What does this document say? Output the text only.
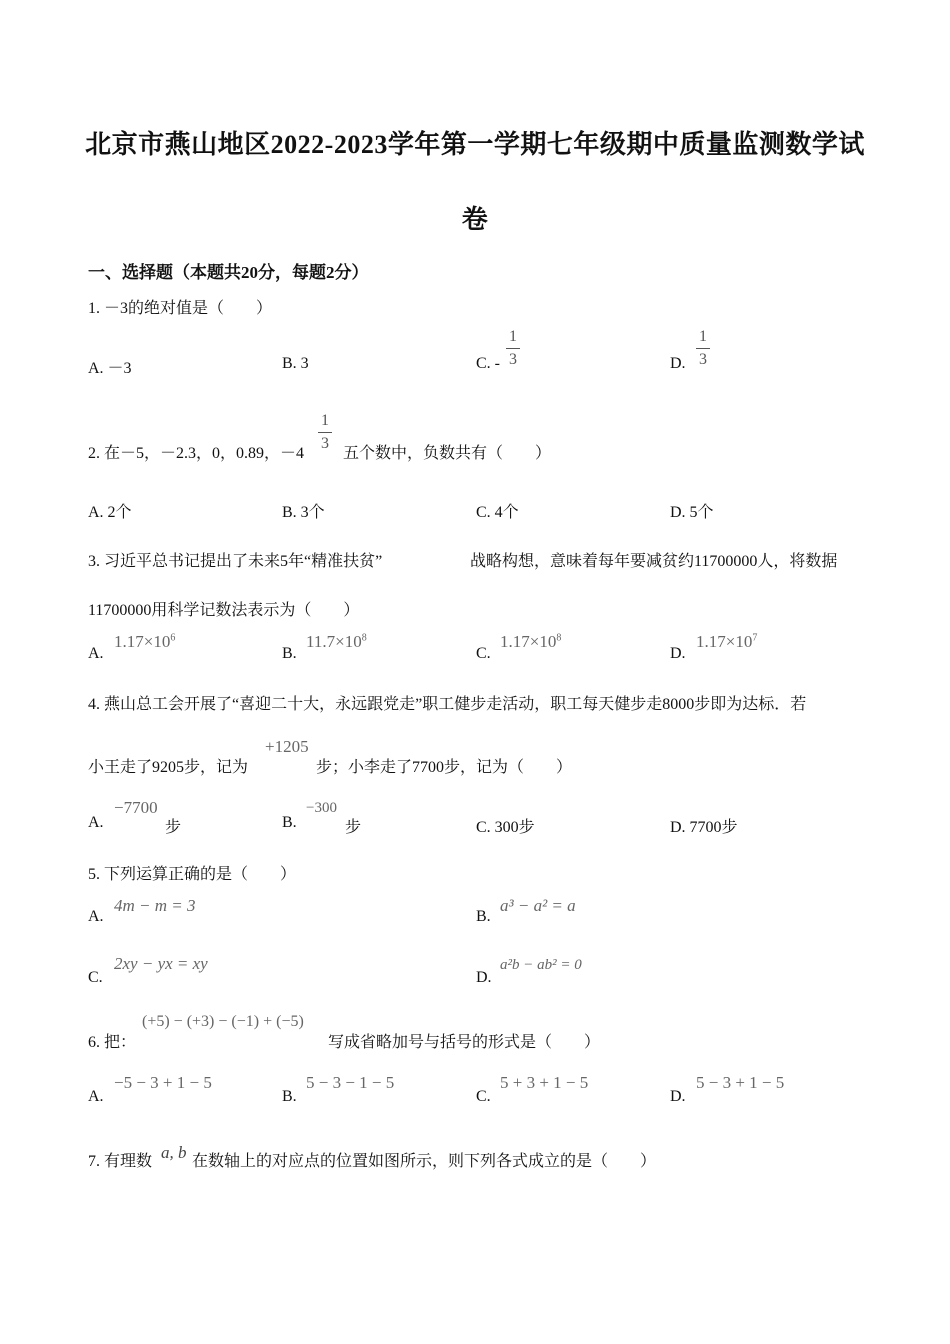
北京市燕山地区2022-2023学年第一学期七年级期中质量监测数学试
卷
一、选择题（本题共20分，每题2分）
1. －3的绝对值是（　　）
A. －3	B. 3	C. -
1
3	D.
1
3
2. 在－5，－2.3，0，0.89，－4
1
3
五个数中，负数共有（　　）
A. 2个	B. 3个	C. 4个	D. 5个
3. 习近平总书记提出了未来5年“精准扶贫”	战略构想，意味着每年要减贫约11700000人，将数据
11700000用科学记数法表示为（　　）
A.
$1.17\times 10^6$
B.
$11.7\times 10^8$
C.
$1.17\times 10^8$
D.
$1.17\times 10^7$
4. 燕山总工会开展了“喜迎二十大，永远跟党走”职工健步走活动，职工每天健步走8000步即为达标．若
小王走了9205步，记为
+1205
步；小李走了7700步，记为（　　）
A.
−7700
步	B.
−300
步	C. 300步	D. 7700步
5. 下列运算正确的是（　　）
A.
4m − m = 3
B.
a³ − a² = a
C.
2xy − yx = xy
D.
a²b − ab² = 0
6. 把：
(+5) − (+3) − (−1) + (−5)
写成省略加号与括号的形式是（　　）
A.
−5 − 3 + 1 − 5
B.
5 − 3 − 1 − 5
C.
5 + 3 + 1 − 5
D.
5 − 3 + 1 − 5
7. 有理数 a, b 在数轴上的对应点的位置如图所示，则下列各式成立的是（　　）
